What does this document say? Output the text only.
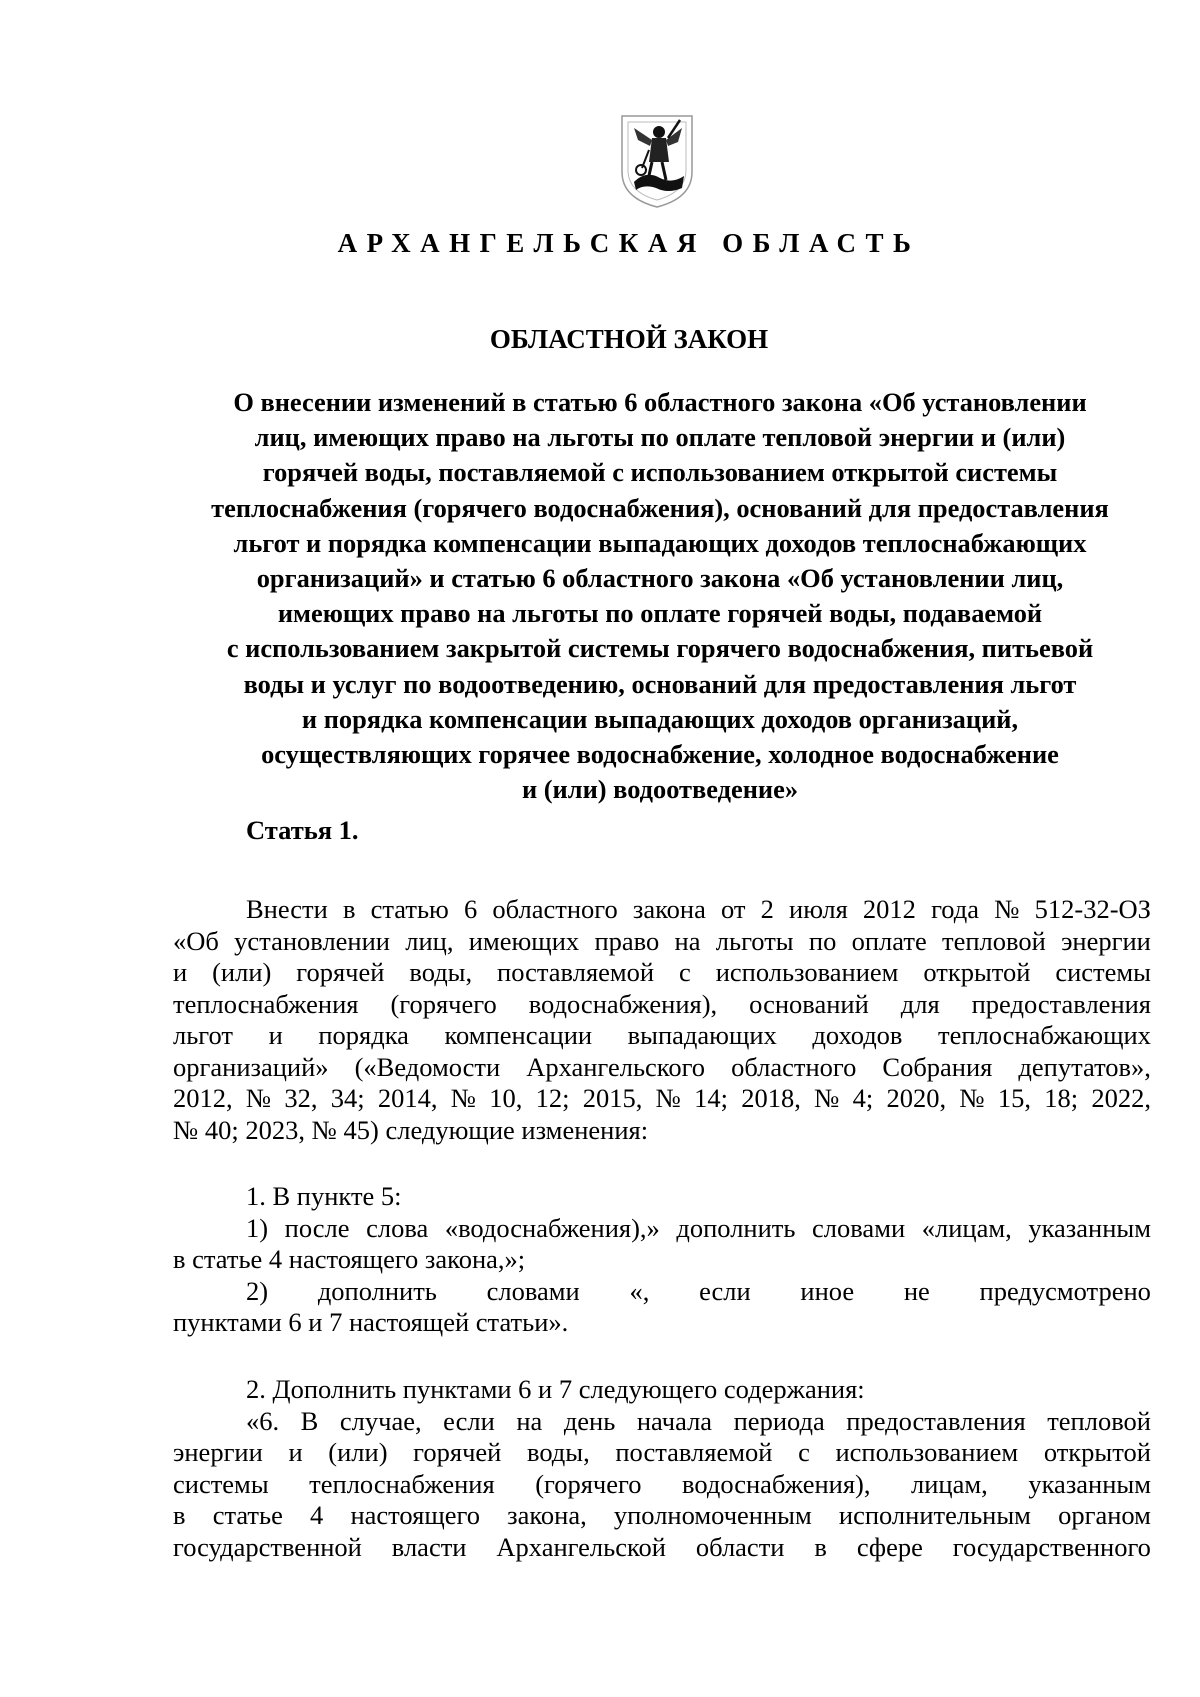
АРХАНГЕЛЬСКАЯ ОБЛАСТЬ
ОБЛАСТНОЙ ЗАКОН
О внесении изменений в статью 6 областного закона «Об установлении
лиц, имеющих право на льготы по оплате тепловой энергии и (или)
горячей воды, поставляемой с использованием открытой системы
теплоснабжения (горячего водоснабжения), оснований для предоставления
льгот и порядка компенсации выпадающих доходов теплоснабжающих
организаций» и статью 6 областного закона «Об установлении лиц,
имеющих право на льготы по оплате горячей воды, подаваемой
с использованием закрытой системы горячего водоснабжения, питьевой
воды и услуг по водоотведению, оснований для предоставления льгот
и порядка компенсации выпадающих доходов организаций,
осуществляющих горячее водоснабжение, холодное водоснабжение
и (или) водоотведение»
Статья 1.
Внести в статью 6 областного закона от 2 июля 2012 года № 512-32-ОЗ
«Об установлении лиц, имеющих право на льготы по оплате тепловой энергии
и (или) горячей воды, поставляемой с использованием открытой системы
теплоснабжения (горячего водоснабжения), оснований для предоставления
льгот и порядка компенсации выпадающих доходов теплоснабжающих
организаций» («Ведомости Архангельского областного Собрания депутатов»,
2012, № 32, 34; 2014, № 10, 12; 2015, № 14; 2018, № 4; 2020, № 15, 18; 2022,
№ 40; 2023, № 45) следующие изменения:
1. В пункте 5:
1) после слова «водоснабжения),» дополнить словами «лицам, указанным
в статье 4 настоящего закона,»;
2) дополнить словами «, если иное не предусмотрено
пунктами 6 и 7 настоящей статьи».
2. Дополнить пунктами 6 и 7 следующего содержания:
«6. В случае, если на день начала периода предоставления тепловой
энергии и (или) горячей воды, поставляемой с использованием открытой
системы теплоснабжения (горячего водоснабжения), лицам, указанным
в статье 4 настоящего закона, уполномоченным исполнительным органом
государственной власти Архангельской области в сфере государственного
